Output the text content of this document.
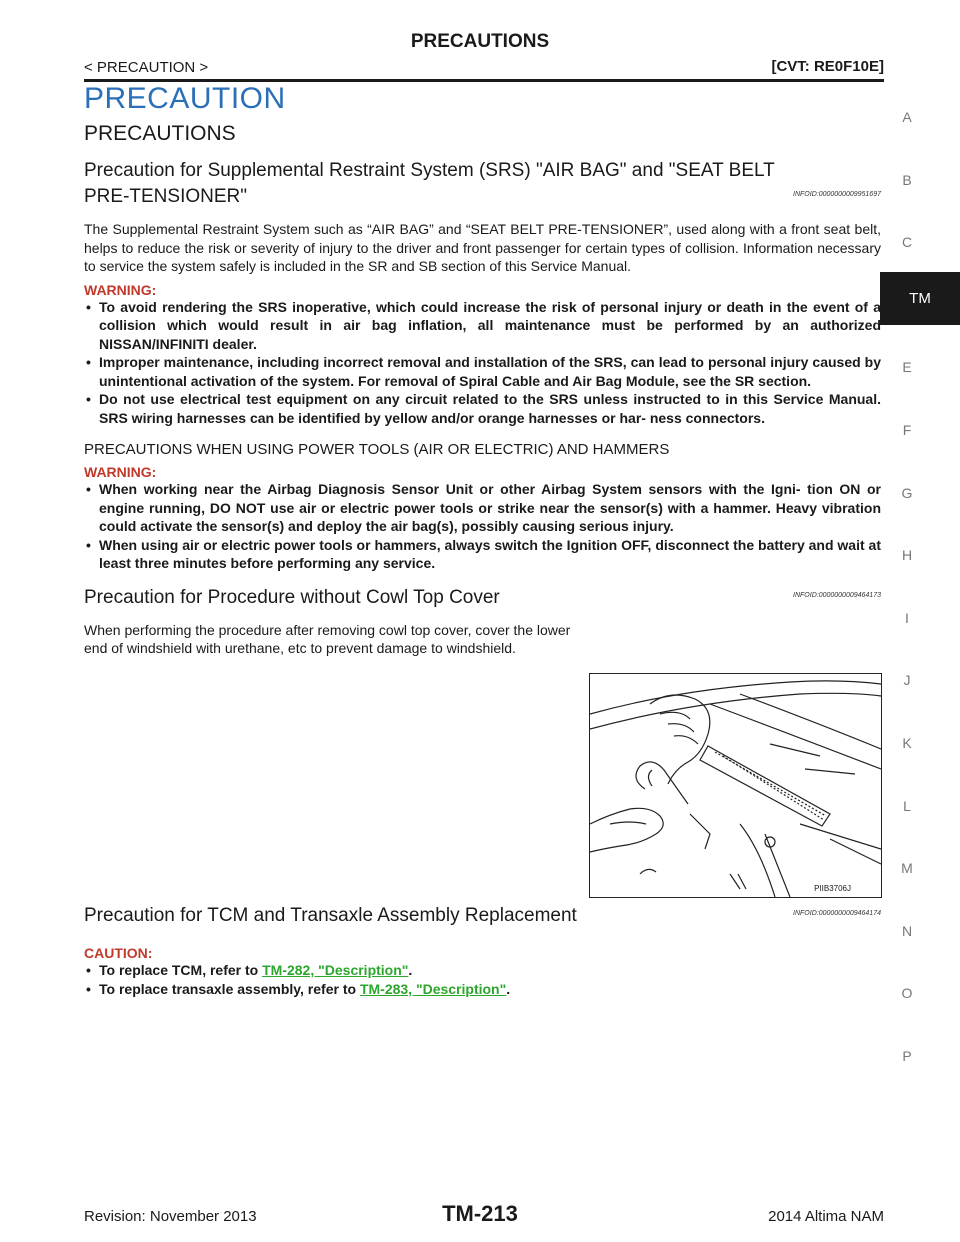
PRECAUTIONS
< PRECAUTION >	[CVT: RE0F10E]
A
B
C
E
F
G
H
I
J
K
L
M
N
O
P
TM
PRECAUTION
PRECAUTIONS
Precaution for Supplemental Restraint System (SRS) "AIR BAG" and "SEAT BELT
PRE-TENSIONER"	INFOID:0000000009951697

The Supplemental Restraint System such as “AIR BAG” and “SEAT BELT PRE-TENSIONER”, used along with a front seat belt, helps to reduce the risk or severity of injury to the driver and front passenger for certain types of collision. Information necessary to service the system safely is included in the SR and SB section of this Service Manual.

WARNING:

• To avoid rendering the SRS inoperative, which could increase the risk of personal injury or death in the event of a collision which would result in air bag inflation, all maintenance must be performed by an authorized NISSAN/INFINITI dealer.
• Improper maintenance, including incorrect removal and installation of the SRS, can lead to personal injury caused by unintentional activation of the system. For removal of Spiral Cable and Air Bag Module, see the SR section.
• Do not use electrical test equipment on any circuit related to the SRS unless instructed to in this Service Manual. SRS wiring harnesses can be identified by yellow and/or orange harnesses or har- ness connectors.

PRECAUTIONS WHEN USING POWER TOOLS (AIR OR ELECTRIC) AND HAMMERS

WARNING:

• When working near the Airbag Diagnosis Sensor Unit or other Airbag System sensors with the Igni- tion ON or engine running, DO NOT use air or electric power tools or strike near the sensor(s) with a hammer. Heavy vibration could activate the sensor(s) and deploy the air bag(s), possibly causing serious injury.
• When using air or electric power tools or hammers, always switch the Ignition OFF, disconnect the battery and wait at least three minutes before performing any service.
Precaution for Procedure without Cowl Top Cover	INFOID:0000000009464173

When performing the procedure after removing cowl top cover, cover the lower end of windshield with urethane, etc to prevent damage to windshield.

PIIB3706J
Precaution for TCM and Transaxle Assembly Replacement	INFOID:0000000009464174

CAUTION:

• To replace TCM, refer to TM-282, "Description".
• To replace transaxle assembly, refer to TM-283, "Description".
Revision: November 2013	TM-213	2014 Altima NAM
